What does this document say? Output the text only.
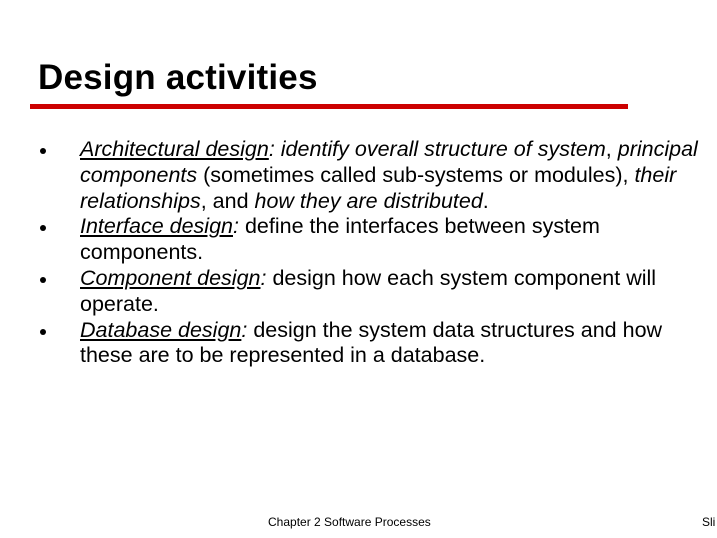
Design activities
Architectural design: identify overall structure of system, principal components (sometimes called sub-systems or modules), their relationships, and how they are distributed.
Interface design: define the interfaces between system components.
Component design: design how each system component will operate.
Database design: design the system data structures and how these are to be represented in a database.
Chapter 2 Software Processes	Sli
